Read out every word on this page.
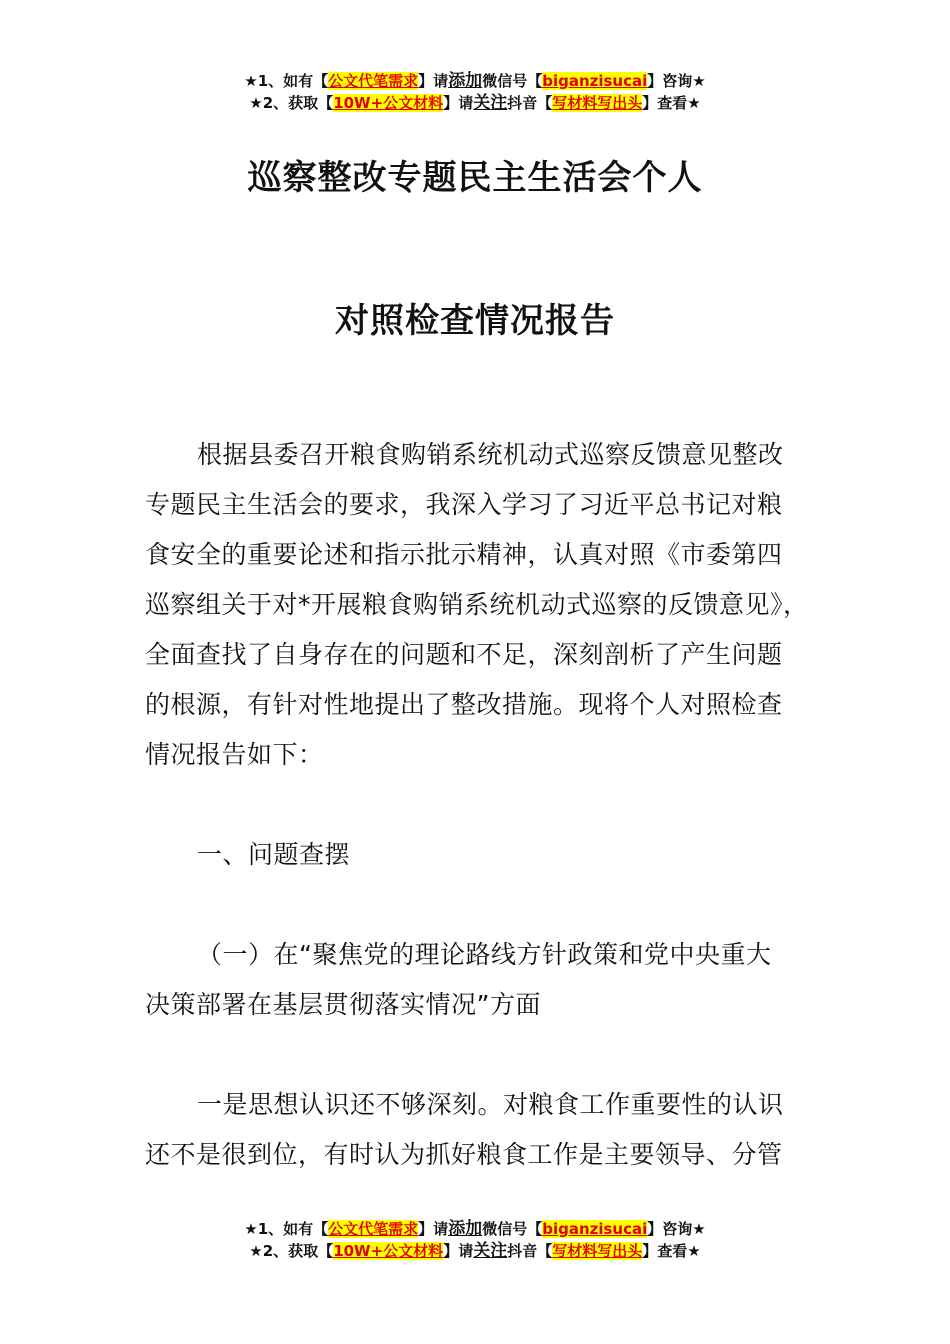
★1、如有【公文代笔需求】请添加微信号【biganzisucai】咨询★
★2、获取【10W+公文材料】请关注抖音【写材料写出头】查看★
巡察整改专题民主生活会个人
对照检查情况报告
根据县委召开粮食购销系统机动式巡察反馈意见整改
专题民主生活会的要求，我深入学习了习近平总书记对粮
食安全的重要论述和指示批示精神，认真对照《市委第四
巡察组关于对*开展粮食购销系统机动式巡察的反馈意见》，
全面查找了自身存在的问题和不足，深刻剖析了产生问题
的根源，有针对性地提出了整改措施。现将个人对照检查
情况报告如下：
一、问题查摆
（一）在“聚焦党的理论路线方针政策和党中央重大
决策部署在基层贯彻落实情况”方面
一是思想认识还不够深刻。对粮食工作重要性的认识
还不是很到位，有时认为抓好粮食工作是主要领导、分管
★1、如有【公文代笔需求】请添加微信号【biganzisucai】咨询★
★2、获取【10W+公文材料】请关注抖音【写材料写出头】查看★
